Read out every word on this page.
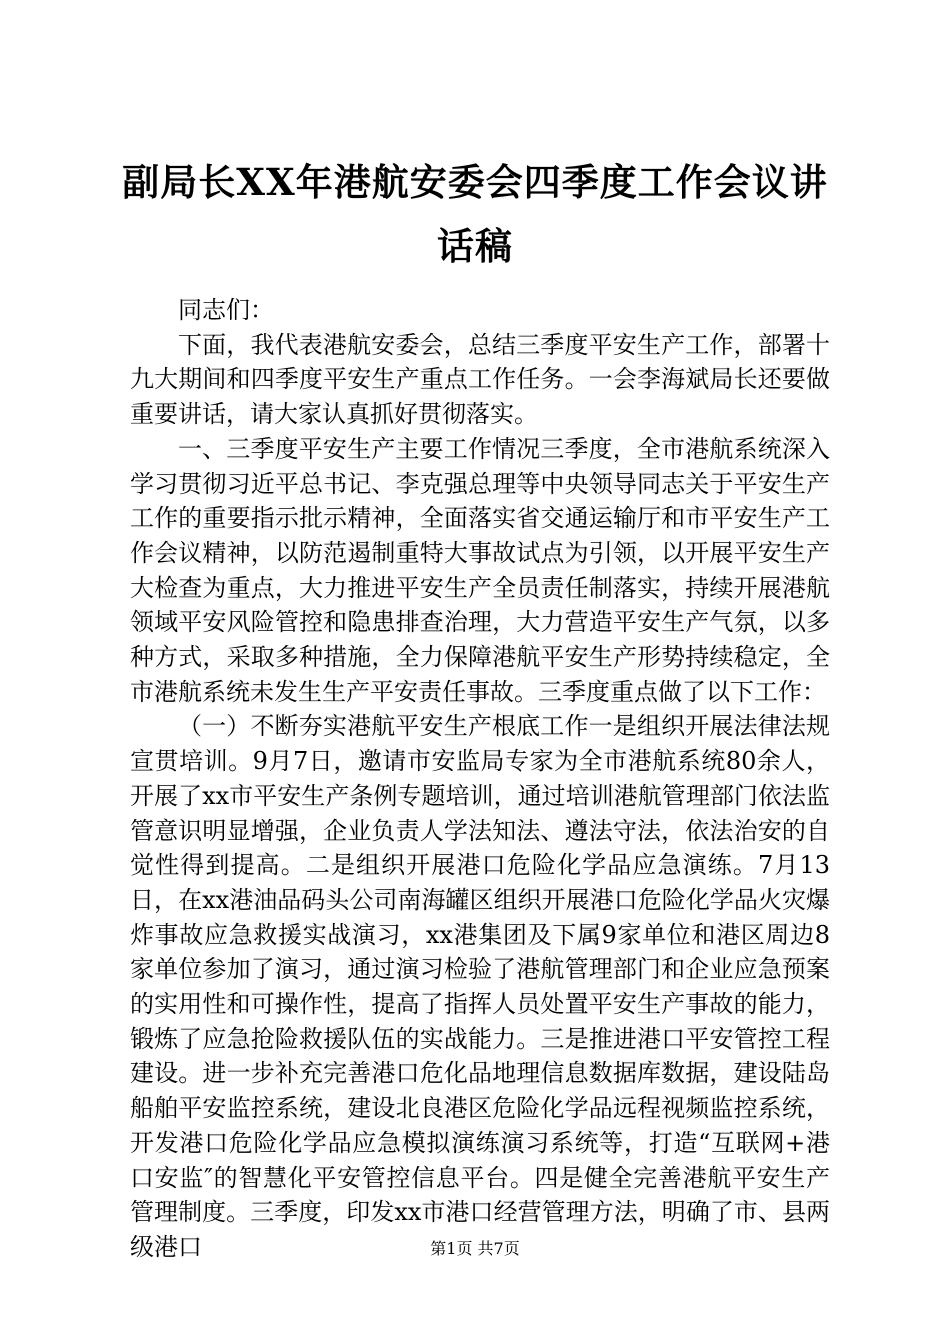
副局长XX年港航安委会四季度工作会议讲话稿

同志们：

下面，我代表港航安委会，总结三季度平安生产工作，部署十九大期间和四季度平安生产重点工作任务。一会李海斌局长还要做重要讲话，请大家认真抓好贯彻落实。

一、三季度平安生产主要工作情况三季度，全市港航系统深入学习贯彻习近平总书记、李克强总理等中央领导同志关于平安生产工作的重要指示批示精神，全面落实省交通运输厅和市平安生产工作会议精神，以防范遏制重特大事故试点为引领，以开展平安生产大检查为重点，大力推进平安生产全员责任制落实，持续开展港航领域平安风险管控和隐患排查治理，大力营造平安生产气氛，以多种方式，采取多种措施，全力保障港航平安生产形势持续稳定，全市港航系统未发生生产平安责任事故。三季度重点做了以下工作：

（一）不断夯实港航平安生产根底工作一是组织开展法律法规宣贯培训。9月7日，邀请市安监局专家为全市港航系统80余人，开展了xx市平安生产条例专题培训，通过培训港航管理部门依法监管意识明显增强，企业负责人学法知法、遵法守法，依法治安的自觉性得到提高。二是组织开展港口危险化学品应急演练。7月13日，在xx港油品码头公司南海罐区组织开展港口危险化学品火灾爆炸事故应急救援实战演习，xx港集团及下属9家单位和港区周边8家单位参加了演习，通过演习检验了港航管理部门和企业应急预案的实用性和可操作性，提高了指挥人员处置平安生产事故的能力，锻炼了应急抢险救援队伍的实战能力。三是推进港口平安管控工程建设。进一步补充完善港口危化品地理信息数据库数据，建设陆岛船舶平安监控系统，建设北良港区危险化学品远程视频监控系统，开发港口危险化学品应急模拟演练演习系统等，打造“互联网+港口安监″的智慧化平安管控信息平台。四是健全完善港航平安生产管理制度。三季度，印发xx市港口经营管理方法，明确了市、县两级港口	第1页 共7页
